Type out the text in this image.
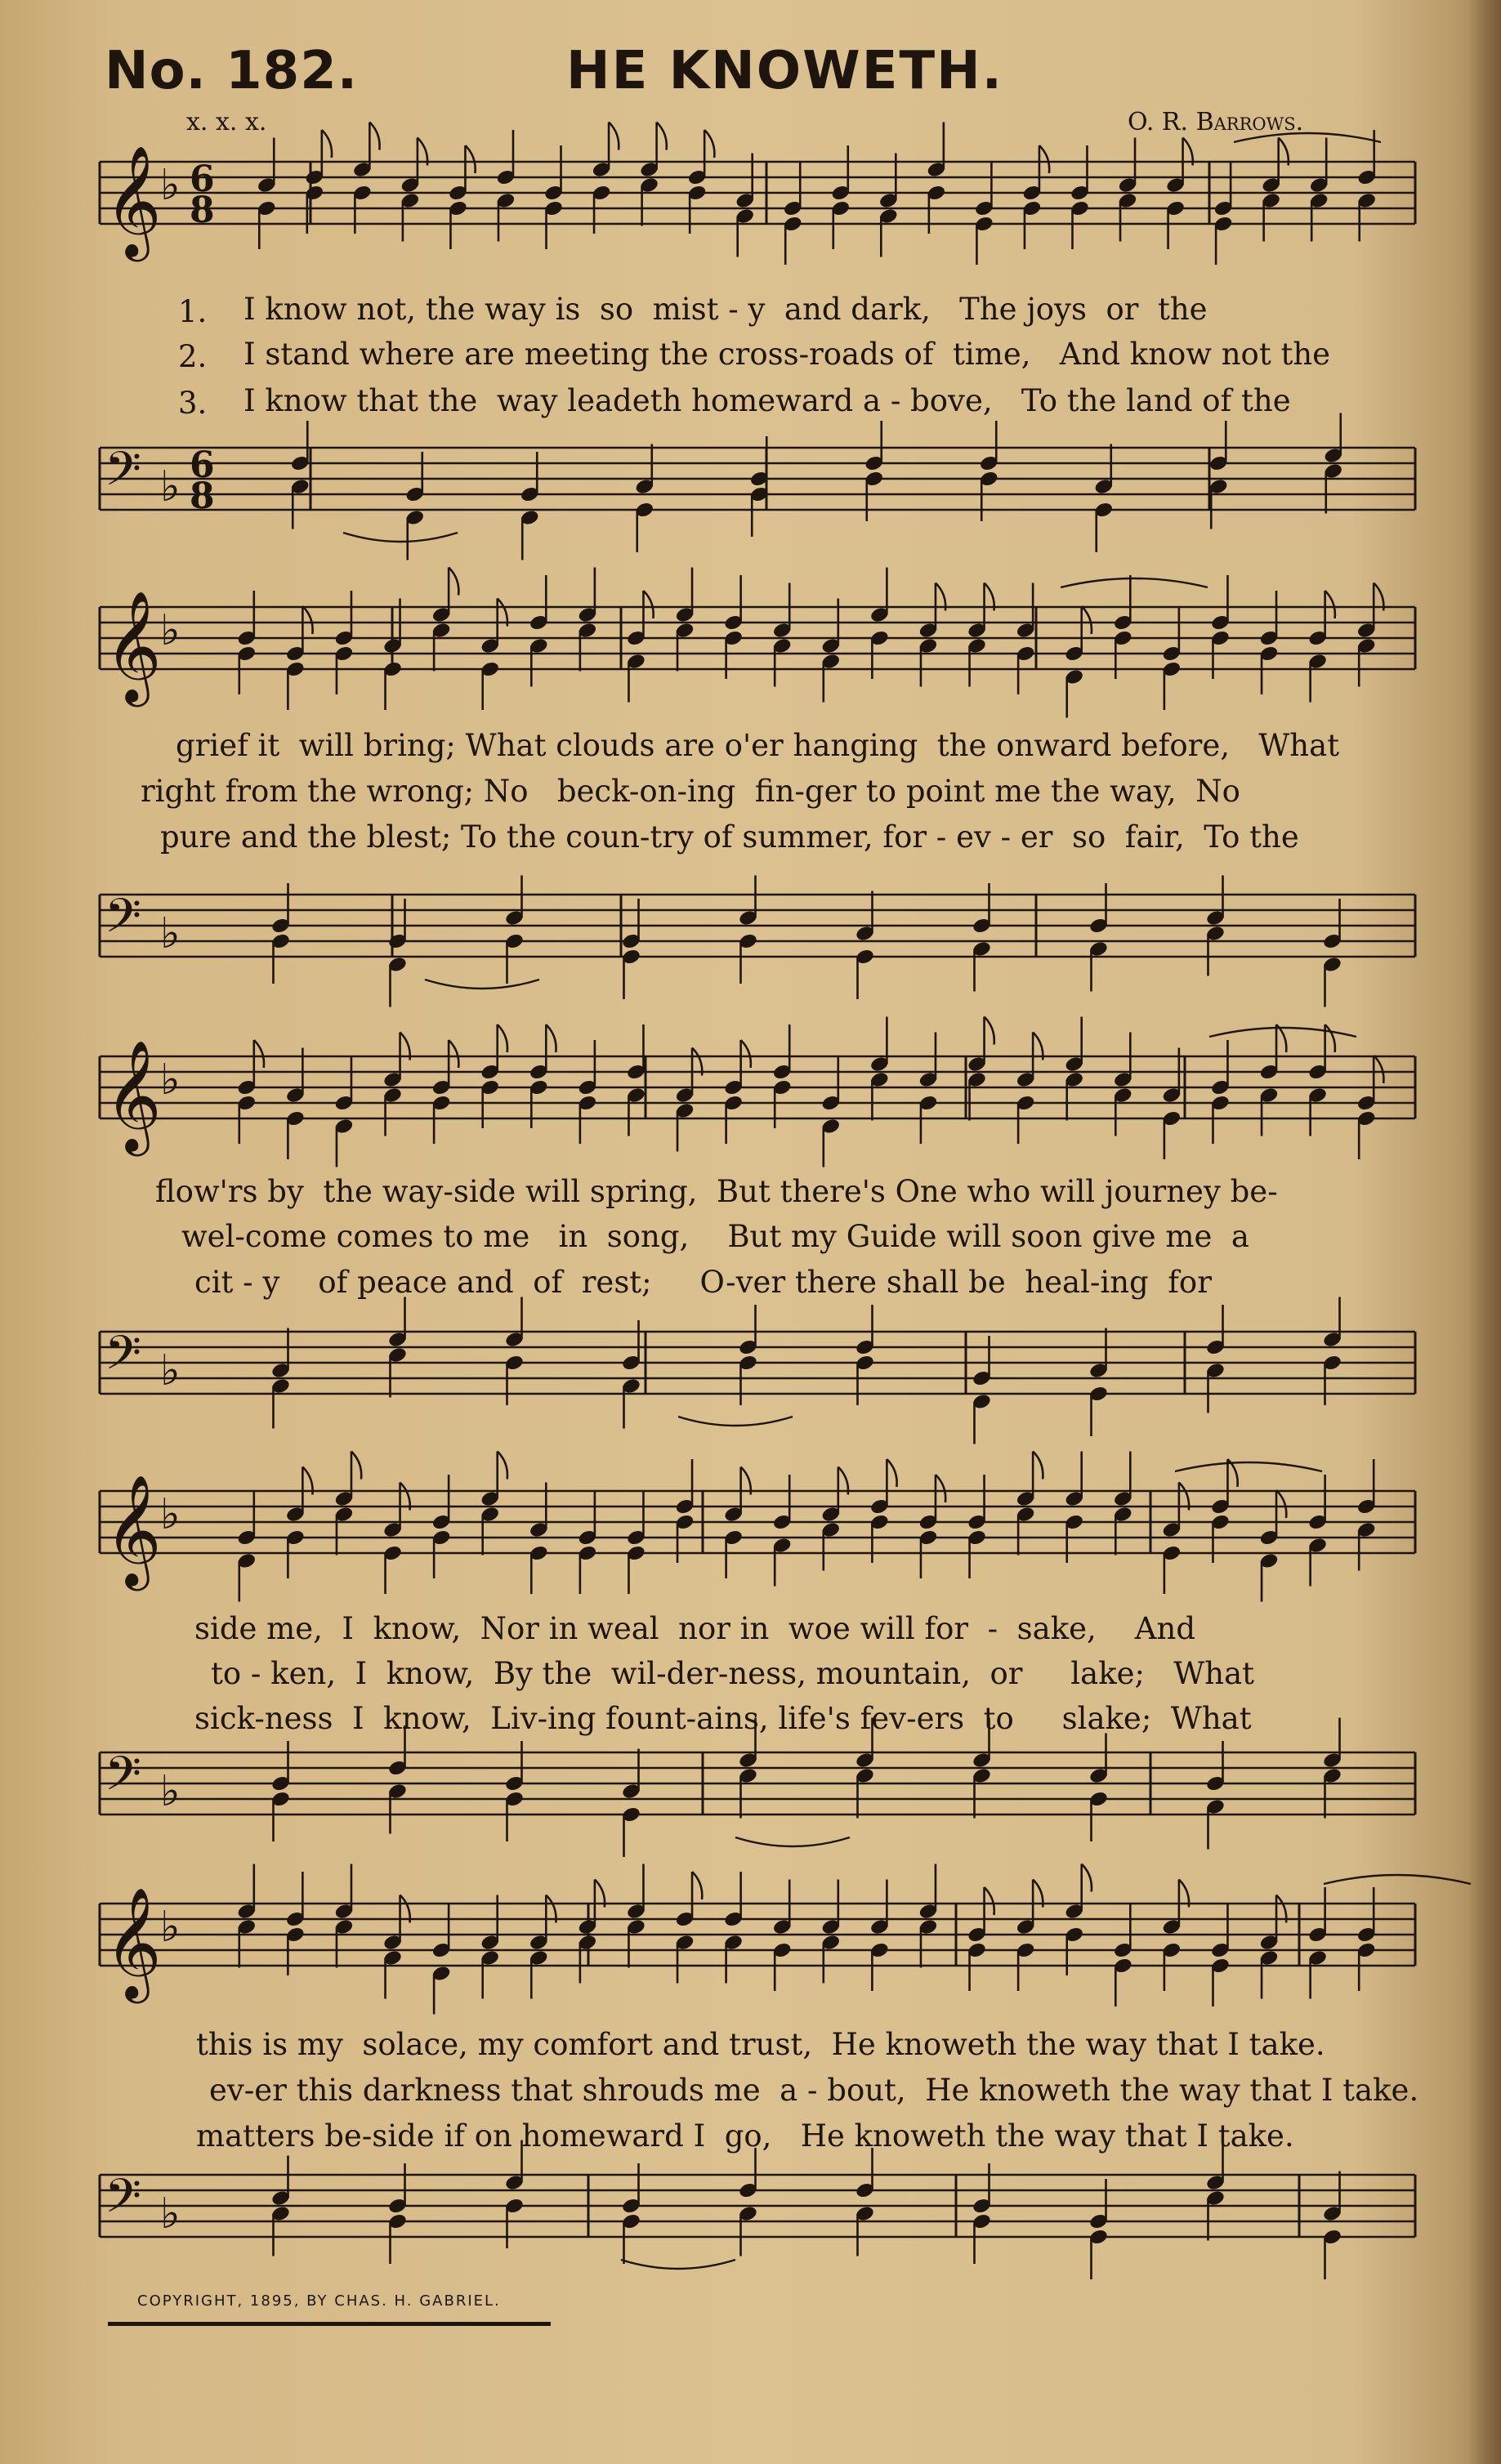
No. 182.	HE KNOWETH.
x. x. x.	O. R. Barrows.
𝄞
♭ 6
8
𝄢 ♭ 6
8
𝄞
♭
𝄢 ♭
𝄞
♭
𝄢 ♭
𝄞
♭
𝄢 ♭
𝄞
♭
𝄢 ♭
1.
2.
3.
I know not, the way is  so  mist - y  and dark,   The joys  or  the
I stand where are meeting the cross-roads of  time,   And know not the
I know that the  way leadeth homeward a - bove,   To the land of the
grief it  will bring; What clouds are o'er hanging  the onward before,   What
right from the wrong; No   beck-on-ing  fin-ger to point me the way,  No
pure and the blest; To the coun-try of summer, for - ev - er  so  fair,  To the
flow'rs by  the way-side will spring,  But there's One who will journey be-
wel-come comes to me   in  song,    But my Guide will soon give me  a
cit - y    of peace and  of  rest;     O-ver there shall be  heal-ing  for
side me,  I  know,  Nor in weal  nor in  woe will for  -  sake,    And
to - ken,  I  know,  By the  wil-der-ness, mountain,  or     lake;   What
sick-ness  I  know,  Liv-ing fount-ains, life's fev-ers  to     slake;  What
this is my  solace, my comfort and trust,  He knoweth the way that I take.
ev-er this darkness that shrouds me  a - bout,  He knoweth the way that I take.
matters be-side if on homeward I  go,   He knoweth the way that I take.
COPYRIGHT, 1895, BY CHAS. H. GABRIEL.
